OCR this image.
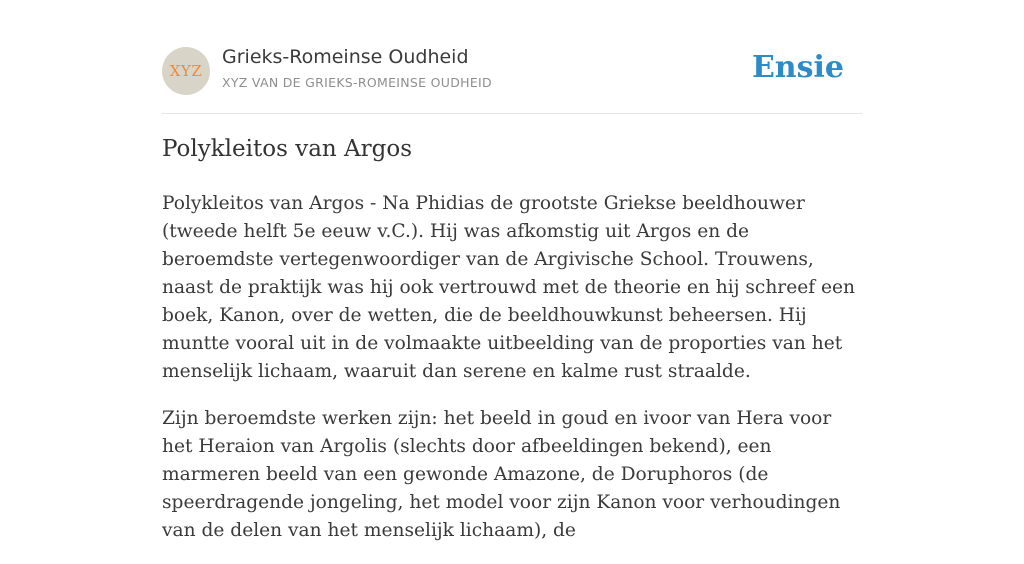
XYZ
Grieks-Romeinse Oudheid
XYZ VAN DE GRIEKS-ROMEINSE OUDHEID	Ensie
Polykleitos van Argos

Polykleitos van Argos - Na Phidias de grootste Griekse beeldhouwer (tweede helft 5e eeuw v.C.). Hij was afkomstig uit Argos en de beroemdste vertegenwoordiger van de Argivische School. Trouwens, naast de praktijk was hij ook vertrouwd met de theorie en hij schreef een boek, Kanon, over de wetten, die de beeldhouwkunst beheersen. Hij muntte vooral uit in de volmaakte uitbeelding van de proporties van het menselijk lichaam, waaruit dan serene en kalme rust straalde.

Zijn beroemdste werken zijn: het beeld in goud en ivoor van Hera voor het Heraion van Argolis (slechts door afbeeldingen bekend), een marmeren beeld van een gewonde Amazone, de Doruphoros (de speerdragende jongeling, het model voor zijn Kanon voor verhoudingen van de delen van het menselijk lichaam), de
